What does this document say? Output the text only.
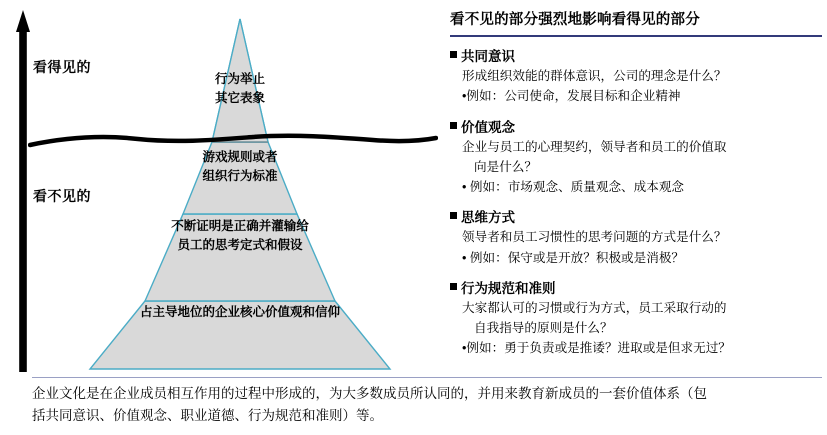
看得见的
看不见的
行为举止
其它表象
游戏规则或者
组织行为标准
不断证明是正确并灌输给
员工的思考定式和假设
占主导地位的企业核心价值观和信仰
看不见的部分强烈地影响看得见的部分
共同意识
形成组织效能的群体意识，公司的理念是什么？
•例如：公司使命，发展目标和企业精神
价值观念
企业与员工的心理契约，领导者和员工的价值取
向是什么？
• 例如：市场观念、质量观念、成本观念
思维方式
领导者和员工习惯性的思考问题的方式是什么？
• 例如：保守或是开放？积极或是消极？
行为规范和准则
大家都认可的习惯或行为方式，员工采取行动的
自我指导的原则是什么？
•例如：勇于负责或是推诿？进取或是但求无过？
企业文化是在企业成员相互作用的过程中形成的，为大多数成员所认同的，并用来教育新成员的一套价值体系（包
括共同意识、价值观念、职业道德、行为规范和准则）等。
